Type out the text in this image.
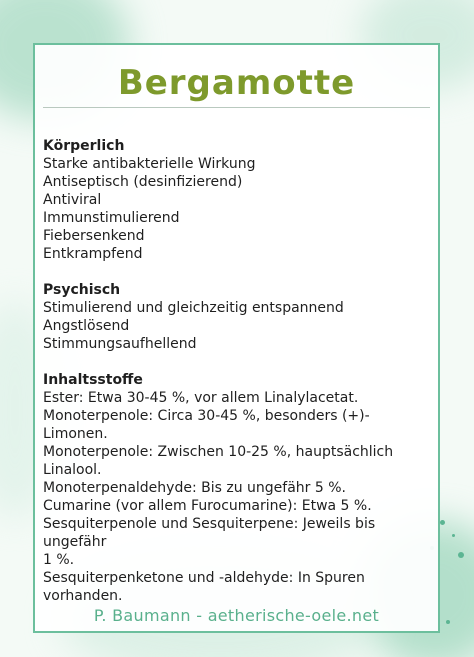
Bergamotte
Körperlich
Starke antibakterielle Wirkung
Antiseptisch (desinfizierend)
Antiviral
Immunstimulierend
Fiebersenkend
Entkrampfend
Psychisch
Stimulierend und gleichzeitig entspannend
Angstlösend
Stimmungsaufhellend
Inhaltsstoffe
Ester: Etwa 30-45 %, vor allem Linalylacetat.
Monoterpenole: Circa 30-45 %, besonders (+)-Limonen.
Monoterpenole: Zwischen 10-25 %, hauptsächlich
Linalool.
Monoterpenaldehyde: Bis zu ungefähr 5 %.
Cumarine (vor allem Furocumarine): Etwa 5 %.
Sesquiterpenole und Sesquiterpene: Jeweils bis ungefähr
1 %.
Sesquiterpenketone und -aldehyde: In Spuren vorhanden.
P. Baumann - aetherische-oele.net
